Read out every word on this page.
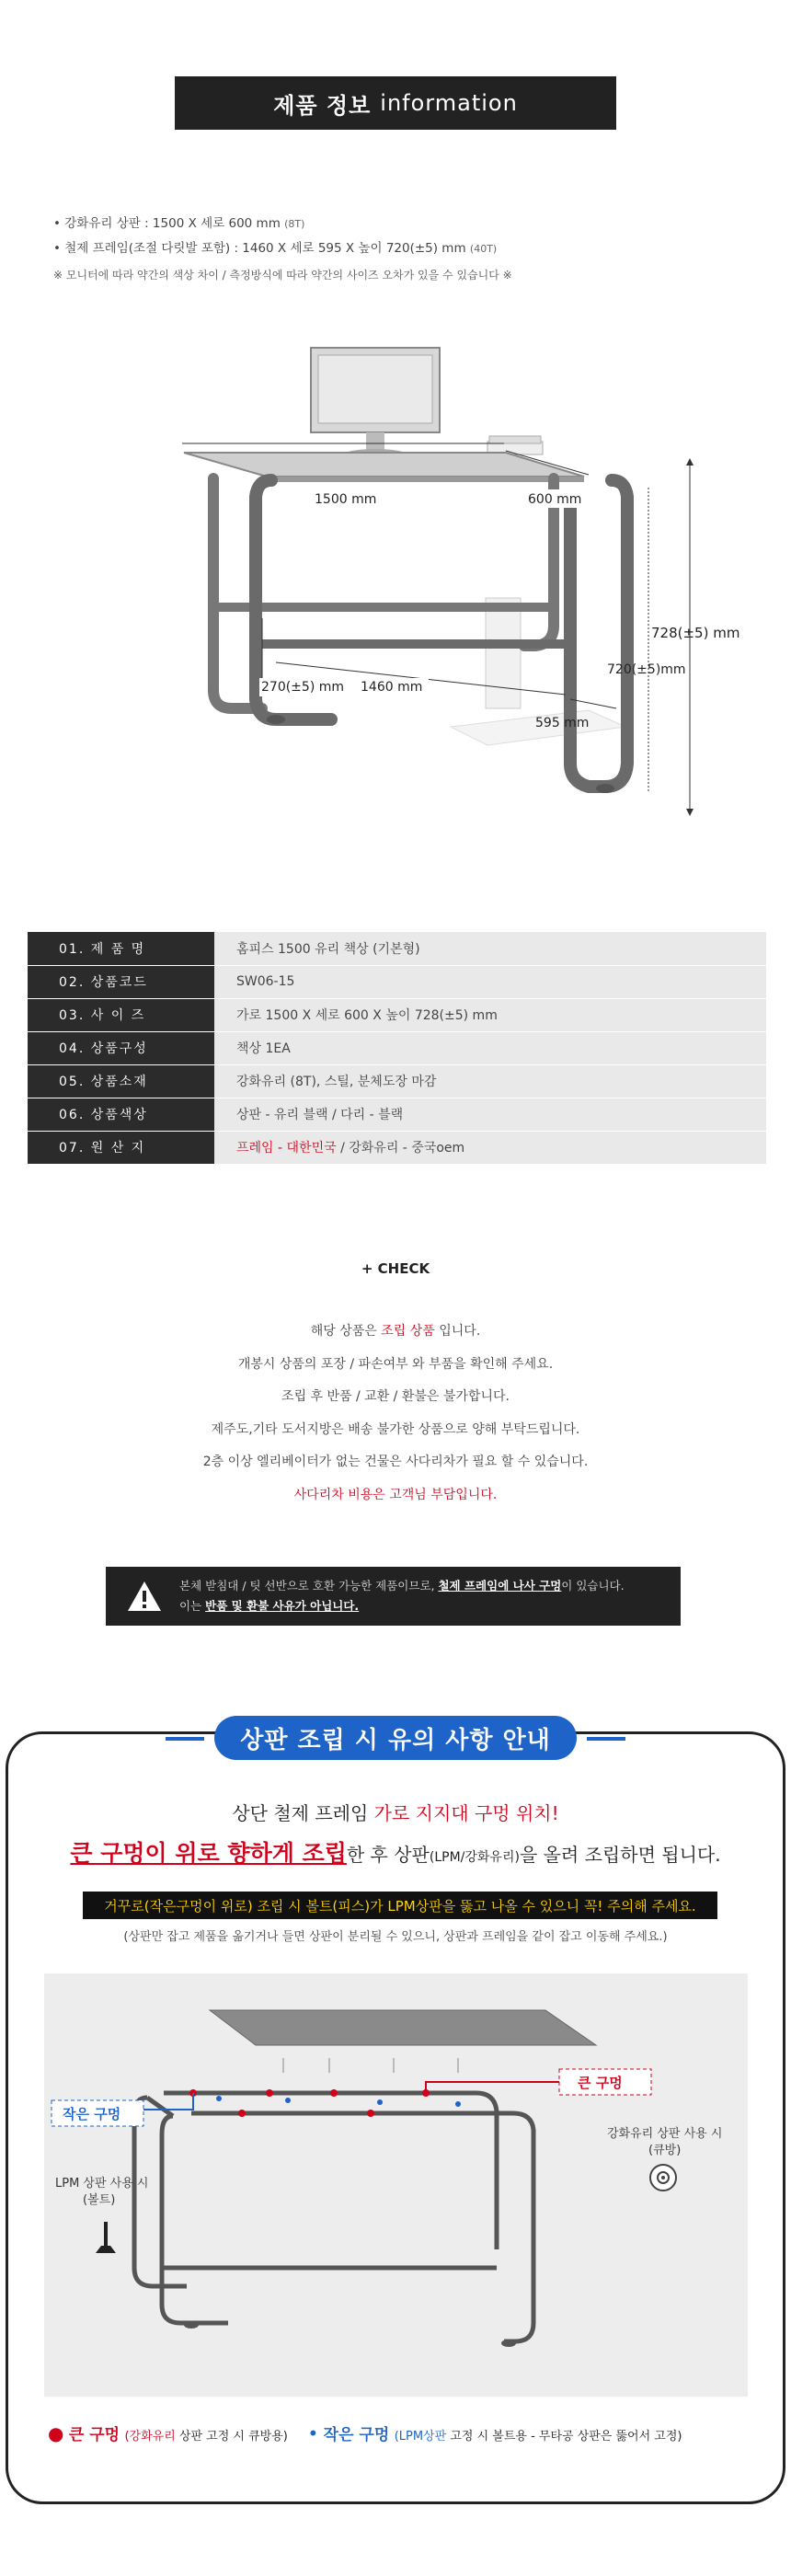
제품 정보 information
• 강화유리 상판 : 1500 X 세로 600 mm (8T)
• 철제 프레임(조절 다릿발 포함) : 1460 X 세로 595 X 높이 720(±5) mm (40T)
※ 모니터에 따라 약간의 색상 차이 / 측정방식에 따라 약간의 사이즈 오차가 있을 수 있습니다 ※
1500 mm	600 mm
728(±5) mm
720(±5)mm
270(±5) mm 1460 mm
595 mm
01. 제 품 명	홈피스 1500 유리 책상 (기본형)
02. 상품코드	SW06-15
03. 사 이 즈	가로 1500 X 세로 600 X 높이 728(±5) mm
04. 상품구성	책상 1EA
05. 상품소재	강화유리 (8T), 스틸, 분체도장 마감
06. 상품색상	상판 - 유리 블랙 / 다리 - 블랙
07. 원 산 지	프레임 - 대한민국 / 강화유리 - 중국oem
+ CHECK
해당 상품은 조립 상품 입니다.
개봉시 상품의 포장 / 파손여부 와 부품을 확인해 주세요.
조립 후 반품 / 교환 / 환불은 불가합니다.
제주도,기타 도서지방은 배송 불가한 상품으로 양해 부탁드립니다.
2층 이상 엘리베이터가 없는 건물은 사다리차가 필요 할 수 있습니다.
사다리차 비용은 고객님 부담입니다.
본체 받침대 / 팃 선반으로 호환 가능한 제품이므로, 철제 프레임에 나사 구멍이 있습니다.
이는 반품 및 환불 사유가 아닙니다.
상판 조립 시 유의 사항 안내
상단 철제 프레임 가로 지지대 구멍 위치!
큰 구멍이 위로 향하게 조립한 후 상판(LPM/강화유리)을 올려 조립하면 됩니다.
거꾸로(작은구멍이 위로) 조립 시 볼트(피스)가 LPM상판을 뚫고 나올 수 있으니 꼭! 주의해 주세요.
(상판만 잡고 제품을 옮기거나 들면 상판이 분리될 수 있으니, 상판과 프레임을 같이 잡고 이동해 주세요.)
작은 구멍
큰 구멍
LPM 상판 사용 시
(볼트)
강화유리 상판 사용 시
(큐방)
● 큰 구멍 (강화유리 상판 고정 시 큐방용) • 작은 구멍 (LPM상판 고정 시 볼트용 - 무타공 상판은 뚫어서 고정)
